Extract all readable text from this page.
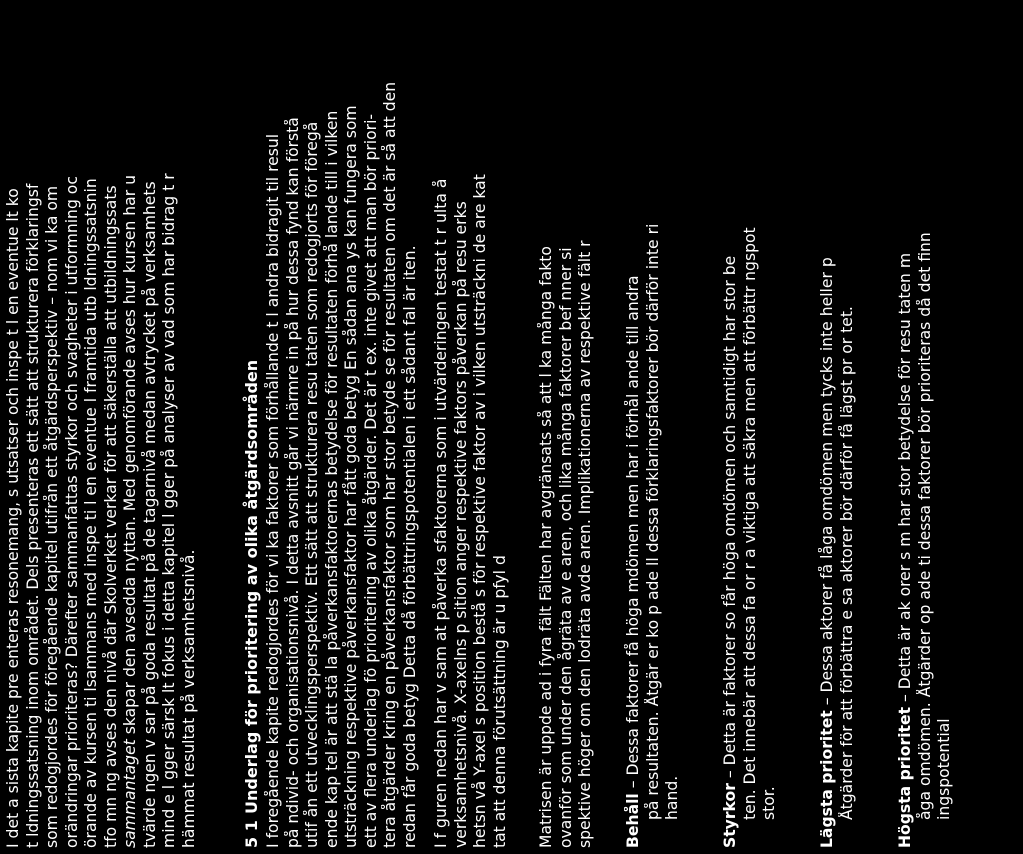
I det a sista kapite pre enteras resonemang, s utsatser och inspe t l en eventue lt ko t ldningssatsning inom området. Dels presenteras ett sätt att strukturera förklaringsf som redogjordes för föregående kapitel utifrån ett åtgärdsperspektiv – nom vi ka om orändringar prioriteras? Därefter sammanfattas styrkor och svagheter i utformning oc örande av kursen ti lsammans med inspe ti l en eventue l framtida utb ldningssatsnin tfo mn ng avses den nivå där Skolverket verkar för att säkerställa att utbildningssats sammantaget skapar den avsedda nyttan. Med genomförande avses hur kursen har u tvärde ngen v sar på goda resultat på de tagarnivå medan avtrycket på verksamhets mind e l gger särsk lt fokus i detta kapitel l gger på analyser av vad som har bidrag t r hämmat resultat på verksamhetsnivå.	5 1
Underlag för prioritering av olika åtgärdsområden I foregående kapite redogjordes för vi ka faktorer som förhållande t l andra bidragit til resul på ndivid- och organisationsnivå. I detta avsnitt går vi närmre in på hur dessa fynd kan förstå utif ån ett utvecklingsperspektiv. Ett sätt att strukturera resu taten som redogjorts för föregå ende kap tel är att stä la påverkansfaktorernas betydelse för resultaten förhå lande till i vilken utsträckning respektive påverkansfaktor har fått goda betyg En sådan ana ys kan fungera som ett av flera underlag fö prioritering av olika åtgärder. Det är t ex. inte givet att man bör priori- tera åtgärder kring en påverkansfaktor som har stor betyde se för resultaten om det är så att den redan får goda betyg Detta då förbättringspotentialen i ett sådant fal är iten. I f guren nedan har v sam at påverka sfaktorerna som i utvärderingen testat t r ulta å verksamhetsnivå. X-axelns p sition anger respektive faktors påverkan på resu erks hetsn vå Y-axel s position bestå s för respektive faktor av i vilken utsträckni de are kat tat att denna förutsättning är u pfyl d Matrisen är uppde ad i fyra fält Fälten har avgränsats så att l ka många fakto ovanför som under den ågräta av e aren, och lika många faktorer bef nner si spektive höger om den lodräta avde aren. Implikationerna av respektive fält r Behåll – Dessa faktorer få höga mdömen men har i förhål ande till andra på resultaten. Åtgär er ko p ade ll dessa förklaringsfaktorer bör därför inte ri hand.	Styrkor – Detta är faktorer so får höga omdömen och samtidigt har stor be ten. Det innebär att dessa fa or r a viktiga att säkra men att förbättr ngspot stor.	Lägsta prioritet – Dessa aktorer få låga omdömen men tycks inte heller p Åtgärder för att förbättra e sa aktorer bör därför få lägst pr or tet.	Högsta prioritet – Detta är ak orer s m har stor betydelse för resu taten m åga omdömen. Åtgärder op ade ti dessa faktorer bör prioriteras då det finn ingspotential
